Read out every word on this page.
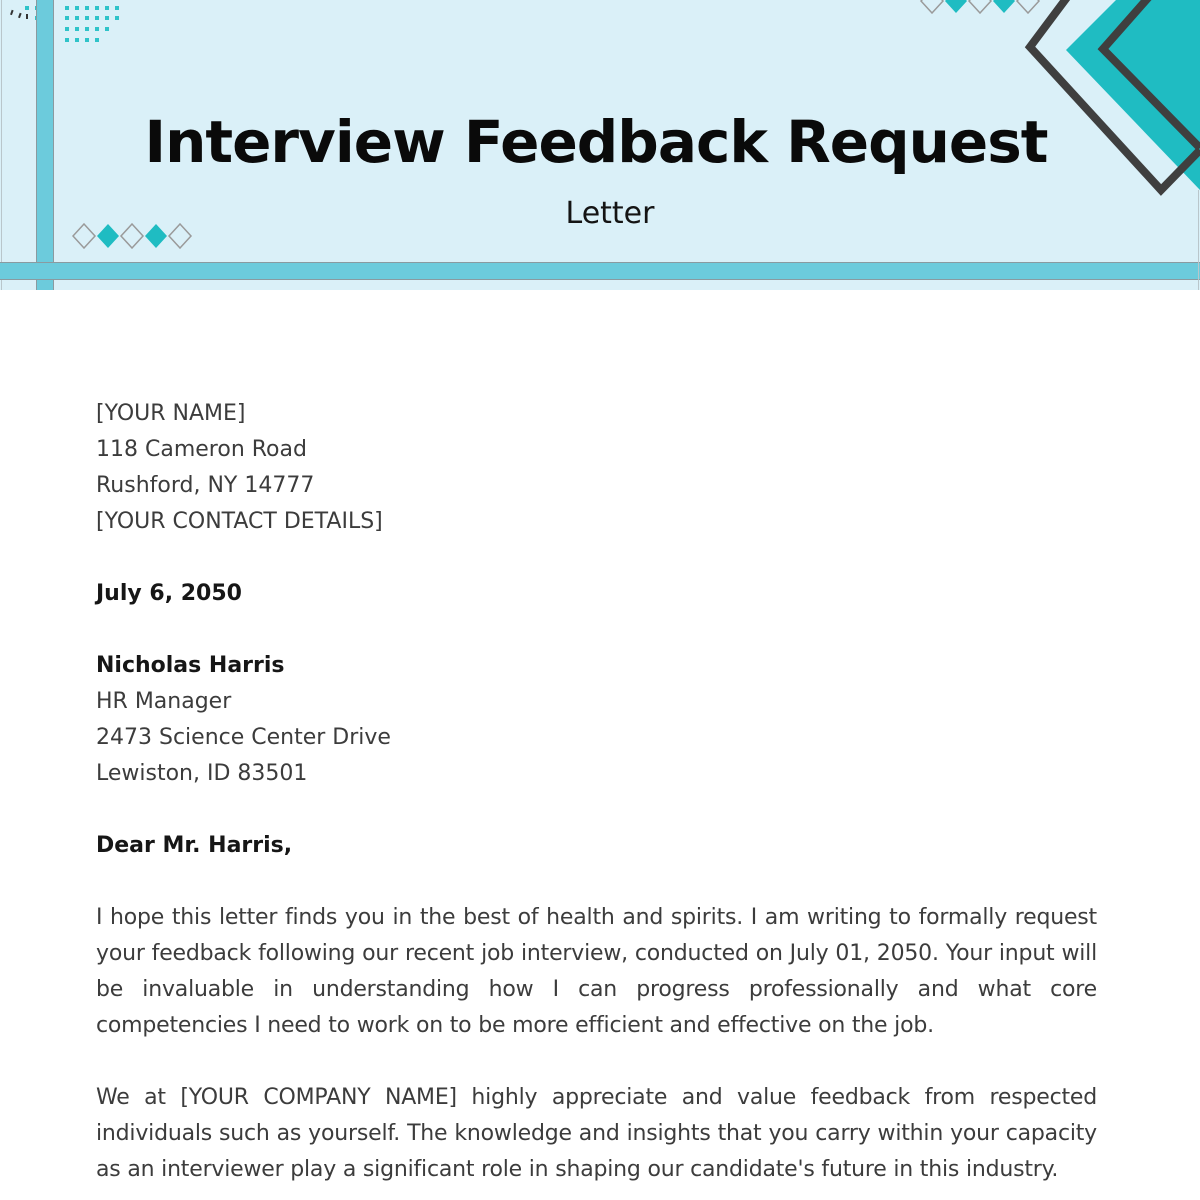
Interview Feedback Request

Letter

[YOUR NAME]
118 Cameron Road
Rushford, NY 14777
[YOUR CONTACT DETAILS]
July 6, 2050
Nicholas Harris
HR Manager
2473 Science Center Drive
Lewiston, ID 83501
Dear Mr. Harris,

I hope this letter finds you in the best of health and spirits. I am writing to formally request your feedback following our recent job interview, conducted on July 01, 2050. Your input will be invaluable in understanding how I can progress professionally and what core competencies I need to work on to be more efficient and effective on the job.

We at [YOUR COMPANY NAME] highly appreciate and value feedback from respected individuals such as yourself. The knowledge and insights that you carry within your capacity as an interviewer play a significant role in shaping our candidate's future in this industry.
